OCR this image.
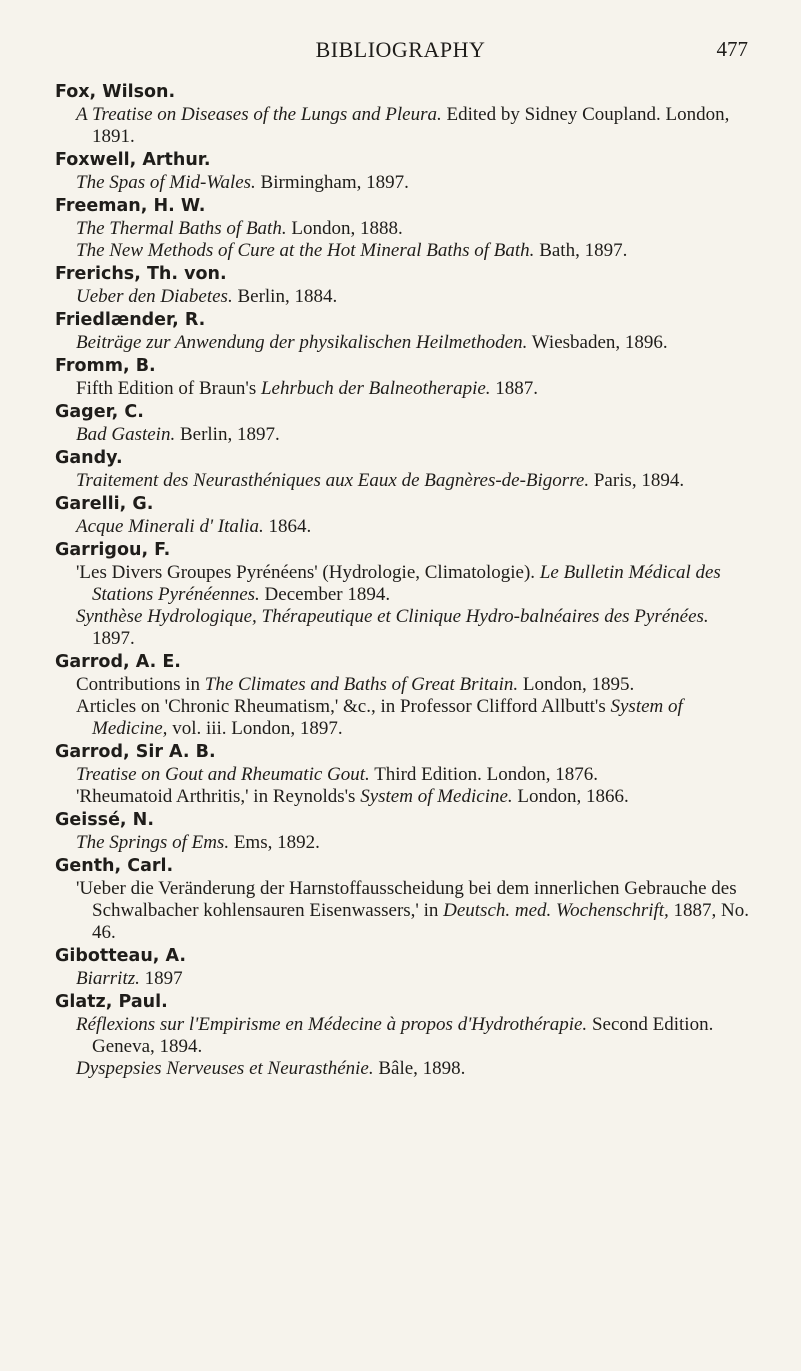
BIBLIOGRAPHY	477

Fox, Wilson.

A Treatise on Diseases of the Lungs and Pleura. Edited by Sidney Coupland. London, 1891.

Foxwell, Arthur.

The Spas of Mid-Wales. Birmingham, 1897.

Freeman, H. W.

The Thermal Baths of Bath. London, 1888.

The New Methods of Cure at the Hot Mineral Baths of Bath. Bath, 1897.

Frerichs, Th. von.

Ueber den Diabetes. Berlin, 1884.

Friedlænder, R.

Beiträge zur Anwendung der physikalischen Heilmethoden. Wiesbaden, 1896.

Fromm, B.

Fifth Edition of Braun's Lehrbuch der Balneotherapie. 1887.

Gager, C.

Bad Gastein. Berlin, 1897.

Gandy.

Traitement des Neurasthéniques aux Eaux de Bagnères-de-Bigorre. Paris, 1894.

Garelli, G.

Acque Minerali d' Italia. 1864.

Garrigou, F.

'Les Divers Groupes Pyrénéens' (Hydrologie, Climatologie). Le Bulletin Médical des Stations Pyrénéennes. December 1894.

Synthèse Hydrologique, Thérapeutique et Clinique Hydro-balnéaires des Pyrénées. 1897.

Garrod, A. E.

Contributions in The Climates and Baths of Great Britain. London, 1895.

Articles on 'Chronic Rheumatism,' &c., in Professor Clifford Allbutt's System of Medicine, vol. iii. London, 1897.

Garrod, Sir A. B.

Treatise on Gout and Rheumatic Gout. Third Edition. London, 1876.

'Rheumatoid Arthritis,' in Reynolds's System of Medicine. London, 1866.

Geissé, N.

The Springs of Ems. Ems, 1892.

Genth, Carl.

'Ueber die Veränderung der Harnstoffausscheidung bei dem innerlichen Gebrauche des Schwalbacher kohlensauren Eisenwassers,' in Deutsch. med. Wochenschrift, 1887, No. 46.

Gibotteau, A.

Biarritz. 1897

Glatz, Paul.

Réflexions sur l'Empirisme en Médecine à propos d'Hydrothérapie. Second Edition. Geneva, 1894.

Dyspepsies Nerveuses et Neurasthénie. Bâle, 1898.
